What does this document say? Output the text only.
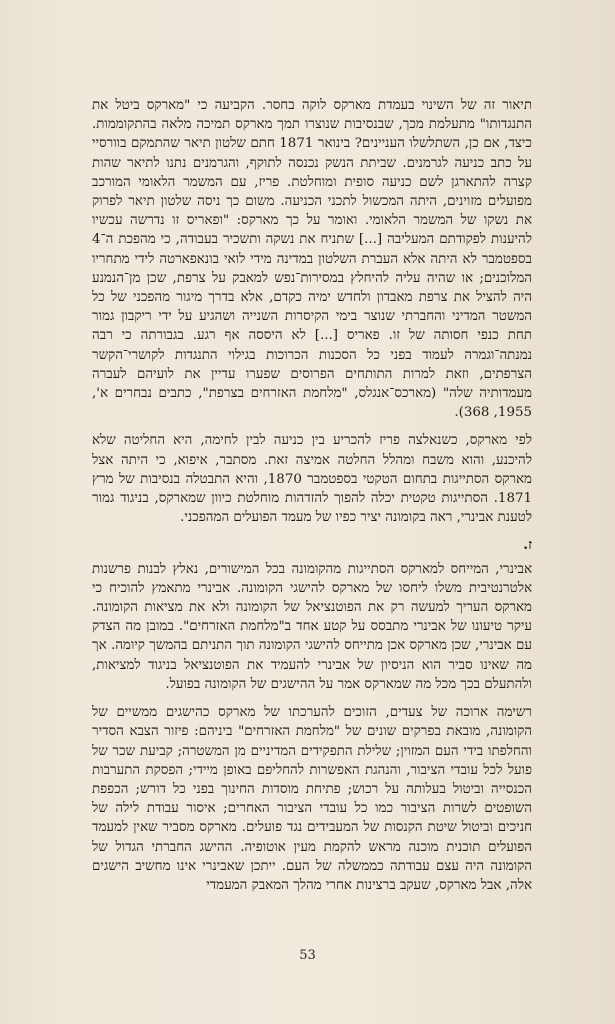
תיאור זה של השינוי בעמדת מארקס לוקה בחסר. הקביעה כי "מארקס ביטל את התנגדותו" מתעלמת מכך, שבנסיבות שנוצרו תמך מארקס תמיכה מלאה בהתקוממות. כיצד, אם כן, השתלשלו העניינים? בינואר 1871 חתם שלטון תיאר שהתמקם בוורסיי על כתב כניעה לגרמנים. שביתת הנשק נכנסה לתוקף, והגרמנים נתנו לתיאר שהות קצרה להתארגן לשם כניעה סופית ומוחלטת. פריז, עם המשמר הלאומי המורכב מפועלים מזוינים, היתה המכשול לתכני הכניעה. משום כך ניסה שלטון תיאר לפרוק את נשקו של המשמר הלאומי. ואומר על כך מארקס: "ופאריס זו נדרשה עכשיו להיענות לפקודתם המעליבה [...] שתניח את נשקה ותשכיר בעבודה, כי מהפכת ה־4 בספטמבר לא היתה אלא העברת השלטון במדינה מידי לואי בונאפארטה לידי מתחריו המלוכנים; או שהיה עליה להיחלץ במסירות־נפש למאבק על צרפת, שכן מן־הנמנע היה להציל את צרפת מאבדון ולחדש ימיה כקדם, אלא בדרך מיגור מהפכני של כל המשטר המדיני והחברתי שנוצר בימי הקיסרות השנייה ושהגיע על ידי ריקבון גמור תחת כנפי חסותה של זו. פאריס [...] לא היססה אף רגע. בגבורתה כי רבה נמנתה־וגמרה לעמוד בפני כל הסכנות הכרוכות בגילוי התנגדות לקושרי־הקשר הצרפתים, וזאת למרות התותחים הפרוסים שפערו עדיין את לועיהם לעברה מעמדותיה שלה" (מארכס־אנגלס, "מלחמת האזרחים בצרפת", כתבים נבחרים א', 1955, 368).

לפי מארקס, כשנאלצה פריז להכריע בין כניעה לבין לחימה, היא החליטה שלא להיכנע, והוא משבח ומהלל החלטה אמיצה זאת. מסתבר, איפוא, כי היתה אצל מארקס הסתייגות בתחום הטקטי בספטמבר 1870, והיא התבטלה בנסיבות של מרץ 1871. הסתייגות טקטית יכלה להפוך להזדהות מוחלטת כיוון שמארקס, בניגוד גמור לטענת אבינרי, ראה בקומונה יציר כפיו של מעמד הפועלים המהפכני.

ז.

אבינרי, המייחס למארקס הסתייגות מהקומונה בכל המישורים, נאלץ לבנות פרשנות אלטרנטיבית משלו ליחסו של מארקס להישגי הקומונה. אבינרי מתאמץ להוכיח כי מארקס העריך למעשה רק את הפוטנציאל של הקומונה ולא את מציאות הקומונה. עיקר טיעונו של אבינרי מתבסס על קטע אחד ב"מלחמת האזרחים". במובן מה הצדק עם אבינרי, שכן מארקס אכן מתייחס להישגי הקומונה תוך התניתם בהמשך קיומה. אך מה שאינו סביר הוא הניסיון של אבינרי להעמיד את הפוטנציאל בניגוד למציאות, ולהתעלם בכך מכל מה שמארקס אמר על ההישגים של הקומונה בפועל.

רשימה ארוכה של צעדים, הזוכים להערכתו של מארקס כהישגים ממשיים של הקומונה, מובאת בפרקים שונים של "מלחמת האזרחים" ביניהם: פיזור הצבא הסדיר והחלפתו בידי העם המזוין; שלילת התפקידים המדיניים מן המשטרה; קביעת שכר של פועל לכל עובדי הציבור, והנהגת האפשרות להחליפם באופן מיידי; הפסקת התערבות הכנסייה וביטול בעלותה על רכוש; פתיחת מוסדות החינוך בפני כל דורש; הכפפת השופטים לשרות הציבור כמו כל עובדי הציבור האחרים; איסור עבודת לילה של חניכים וביטול שיטת הקנסות של המעבידים נגד פועלים. מארקס מסביר שאין למעמד הפועלים תוכנית מוכנה מראש להקמת מעין אוטופיה. ההישג החברתי הגדול של הקומונה היה עצם עבודתה כממשלה של העם. ייתכן שאבינרי אינו מחשיב הישגים אלה, אבל מארקס, שעקב ברצינות אחרי מהלך המאבק המעמדי

53
